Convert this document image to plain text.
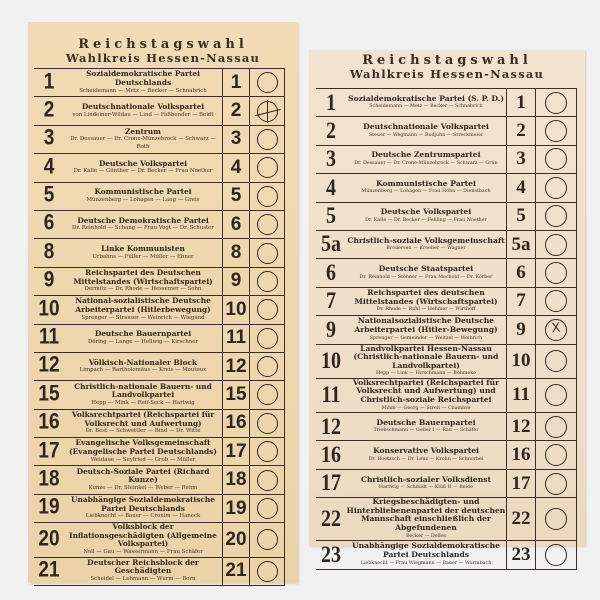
Reichstagswahl
Wahlkreis Hessen-Nassau
1	Sozialdemokratische Partei Deutschlands
Scheidemann — Metz — Becker — Schnabrich	1	
2	Deutschnationale Volkspartei
von Lindeiner-Wildau — Lind — Faßbender — Beldt	2	
3	Zentrum
Dr. Dessauer — Dr. Crone-Münzebrock — Schwarz — Roth	3	
4	Deutsche Volkspartei
Dr. Kalle — Günther — Dr. Becker — Frau Noether	4	
5	Kommunistische Partei
Münzenberg — Lohagen — Lang — Greis	5	
6	Deutsche Demokratische Partei
Dr. Reinhold — Schang — Frau Vogt — Dr. Schuster	6	
8	Linke Kommunisten
Urbahns — Füller — Müller — Ebner	8	
9	Reichspartei des Deutschen Mittelstandes (Wirtschaftspartei)
Dermitz — Dr. Rhode — Hessemer — Sohn	9	
10	National-sozialistische Deutsche Arbeiterpartei (Hitlerbewegung)
Sprenger — Strasser — Weinrich — Wiegand	10	
11	Deutsche Bauernpartei
Döring — Lange — Hellwig — Kirschner	11	
12	Völkisch-Nationaler Block
Limpach — Bartholomäus — Kreis — Moutoux	12	
15	Christlich-nationale Bauern- und Landvolkpartei
Hepp — Mink — Reif-Seck — Hartwig	15	
16	Volksrechtpartei (Reichspartei für Volksrecht und Aufwertung)
Dr. Best — Schwettler — Bind — Dr. Witte	16	
17	Evangelische Volksgemeinschaft (Evangelische Partei Deutschlands)
Weidaue — Seyfried — Grob — Müller	17	
18	Deutsch-Soziale Partei (Richard Kunze)
Kunze — Dr. Steinkel — Weber — Rehm	18	
19	Unabhängige Sozialdemokratische Partei Deutschlands
Liebknecht — Bauer — Cronim — Haneck	19	
20	Volksblock der Inflationsgeschädigten (Allgemeine Volkspartei)
Noll — Gau — Wassermann — Frau Schäfer	20	
21	Deutscher Reichsblock der Geschädigten
Scheidel — Lehmann — Wurm — Born	21	
Reichstagswahl
Wahlkreis Hessen-Nassau
1	Sozialdemokratische Partei (S. P. D.)
Scheidemann — Metz — Becker — Schnabrich	1	
2	Deutschnationale Volkspartei
Steuer — Wegmann — Budjuhn — Streckmeier	2	
3	Deutsche Zentrumspartei
Dr. Dessauer — Dr. Crone-Münzebrock — Schwarz — Grün	3	
4	Kommunistische Partei
Münzenberg — Lohagen — Frau Höhn — Dienstbach	4	
5	Deutsche Volkspartei
Dr. Kalle — Dr. Becker — Fehling — Frau Noether	5	
5a	Christlich-soziale Volksgemeinschaft
Brodersen — Kroeber — Wagner	5a	
6	Deutsche Staatspartei
Dr. Reinhold — Stöhner — Frau Mechold — Dr. Körber	6	
7	Reichspartei des deutschen Mittelstandes (Wirtschaftspartei)
Dr. Rhode — Ruhl — Hehmer — Wirthoff	7	
9	Nationalsozialistische Deutsche Arbeiterpartei (Hitler-Bewegung)
Sprenger — Gemeinder — Weitzel — Weinrich	9	X
10	Landvolkpartei Hessen-Nassau (Christlich-nationale Bauern- und Landvolkpartei)
Hepp — Link — Hirschmann — Böhmeke	10	
11	Volksrechtpartei (Reichspartei für Volksrecht und Aufwertung) und Christlich-soziale Reichspartei
Mihm — Georg — Streit — Chambre	11	
12	Deutsche Bauernpartei
Triebschmann — Geller I — Rau — Schäfer	12	
16	Konservative Volkspartei
Dr. Hoetzsch — Dr. Lenz — Krohn — Schnorbel	16	
17	Christlich-sozialer Volksdienst
Hartwig — Schmidt — Klüß II — Beide	17	
22	Kriegsbeschädigten- und Hinterbliebenenpartei der deutschen Mannschaft einschließlich der Abgefundenen
Becker — Delles	22	
23	Unabhängige Sozialdemokratische Partei Deutschlands
Liebknecht — Frau Wiegmann — Bauer — Wurmbach	23	
